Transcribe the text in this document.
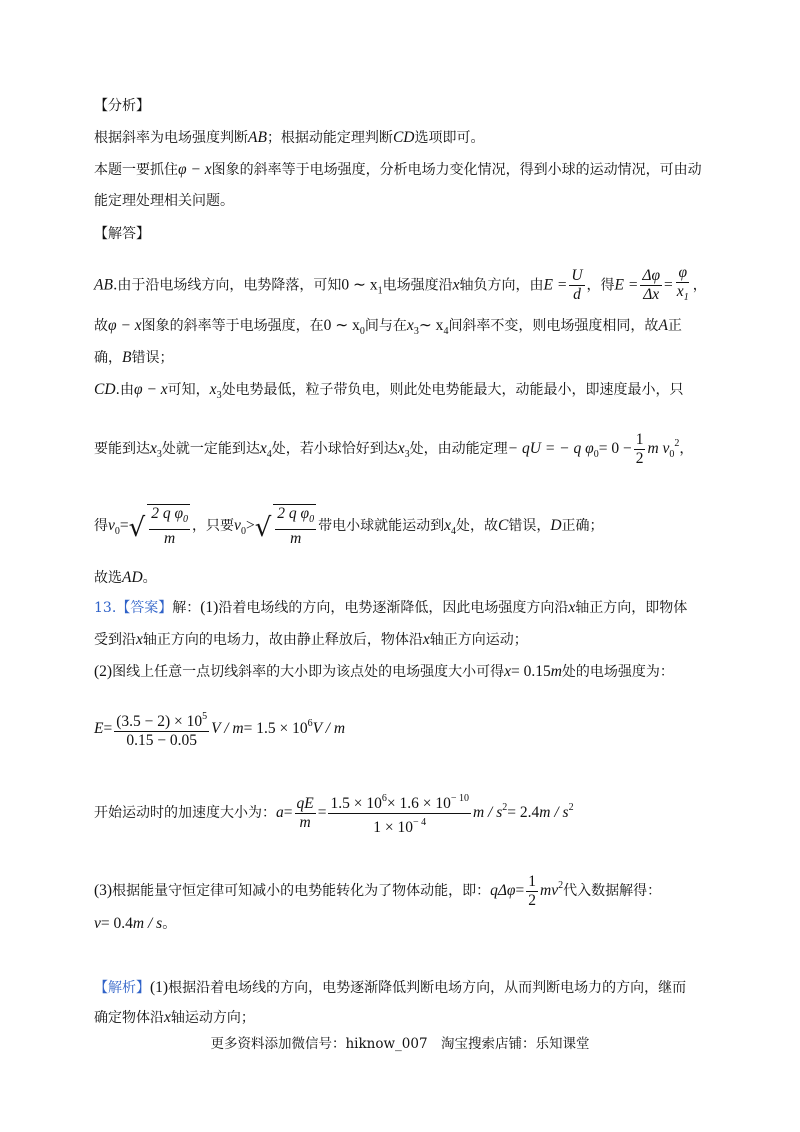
【分析】
根据斜率为电场强度判断AB；根据动能定理判断CD选项即可。
本题一要抓住φ − x图象的斜率等于电场强度，分析电场力变化情况，得到小球的运动情况，可由动
能定理处理相关问题。
【解答】
AB.由于沿电场线方向，电势降落，可知0 ∼ $x_1$电场强度沿x轴负方向，由$E = \frac{U}{d}$ ，得$E = \frac{\Delta\varphi}{\Delta x} = \frac{\varphi}{x_1}$ ，
故φ − x图象的斜率等于电场强度，在0 ∼ $x_0$间与在$x_3\sim$ $x_4$间斜率不变，则电场强度相同，故A正
确，B错误；
CD.由φ − x可知，$x_3$处电势最低，粒子带负电，则此处电势能最大，动能最小，即速度最小，只
要能到达$x_3$处就一定能到达$x_4$处，若小球恰好到达$x_3$处，由动能定理− qU = − q $\varphi_0= 0 - \frac{1}{2}$ m $v_0^2$，
得$v_0=$ √ $\frac{2 q \varphi_0}{m}$ ，只要$v_0>$ √ $\frac{2 q \varphi_0}{m}$ 带电小球就能运动到$x_4$处，故C错误，D正确；
故选AD。
13.【答案】解：(1)沿着电场线的方向，电势逐渐降低，因此电场强度方向沿x轴正方向，即物体
受到沿x轴正方向的电场力，故由静止释放后，物体沿x轴正方向运动；
(2)图线上任意一点切线斜率的大小即为该点处的电场强度大小可得x= 0.15m处的电场强度为：
$E= \frac{(3.5 - 2) \times 10^5}{0.15 - 0.05}$ $V / m= 1.5 \times 10^6V / m$
开始运动时的加速度大小为：$a= \frac{qE}{m} = \frac{1.5 \times 10^6\times 1.6 \times 10^{- 10}}{1 \times 10^{- 4}}$ $m / s^2= 2.4m / s^2$
(3)根据能量守恒定律可知减小的电势能转化为了物体动能，即：$q\Delta\varphi= \frac{1}{2} mv^2$代入数据解得：
v= 0.4m / s。
【解析】(1)根据沿着电场线的方向，电势逐渐降低判断电场方向，从而判断电场力的方向，继而
确定物体沿x轴运动方向；
更多资料添加微信号：hiknow_007　淘宝搜索店铺：乐知课堂
